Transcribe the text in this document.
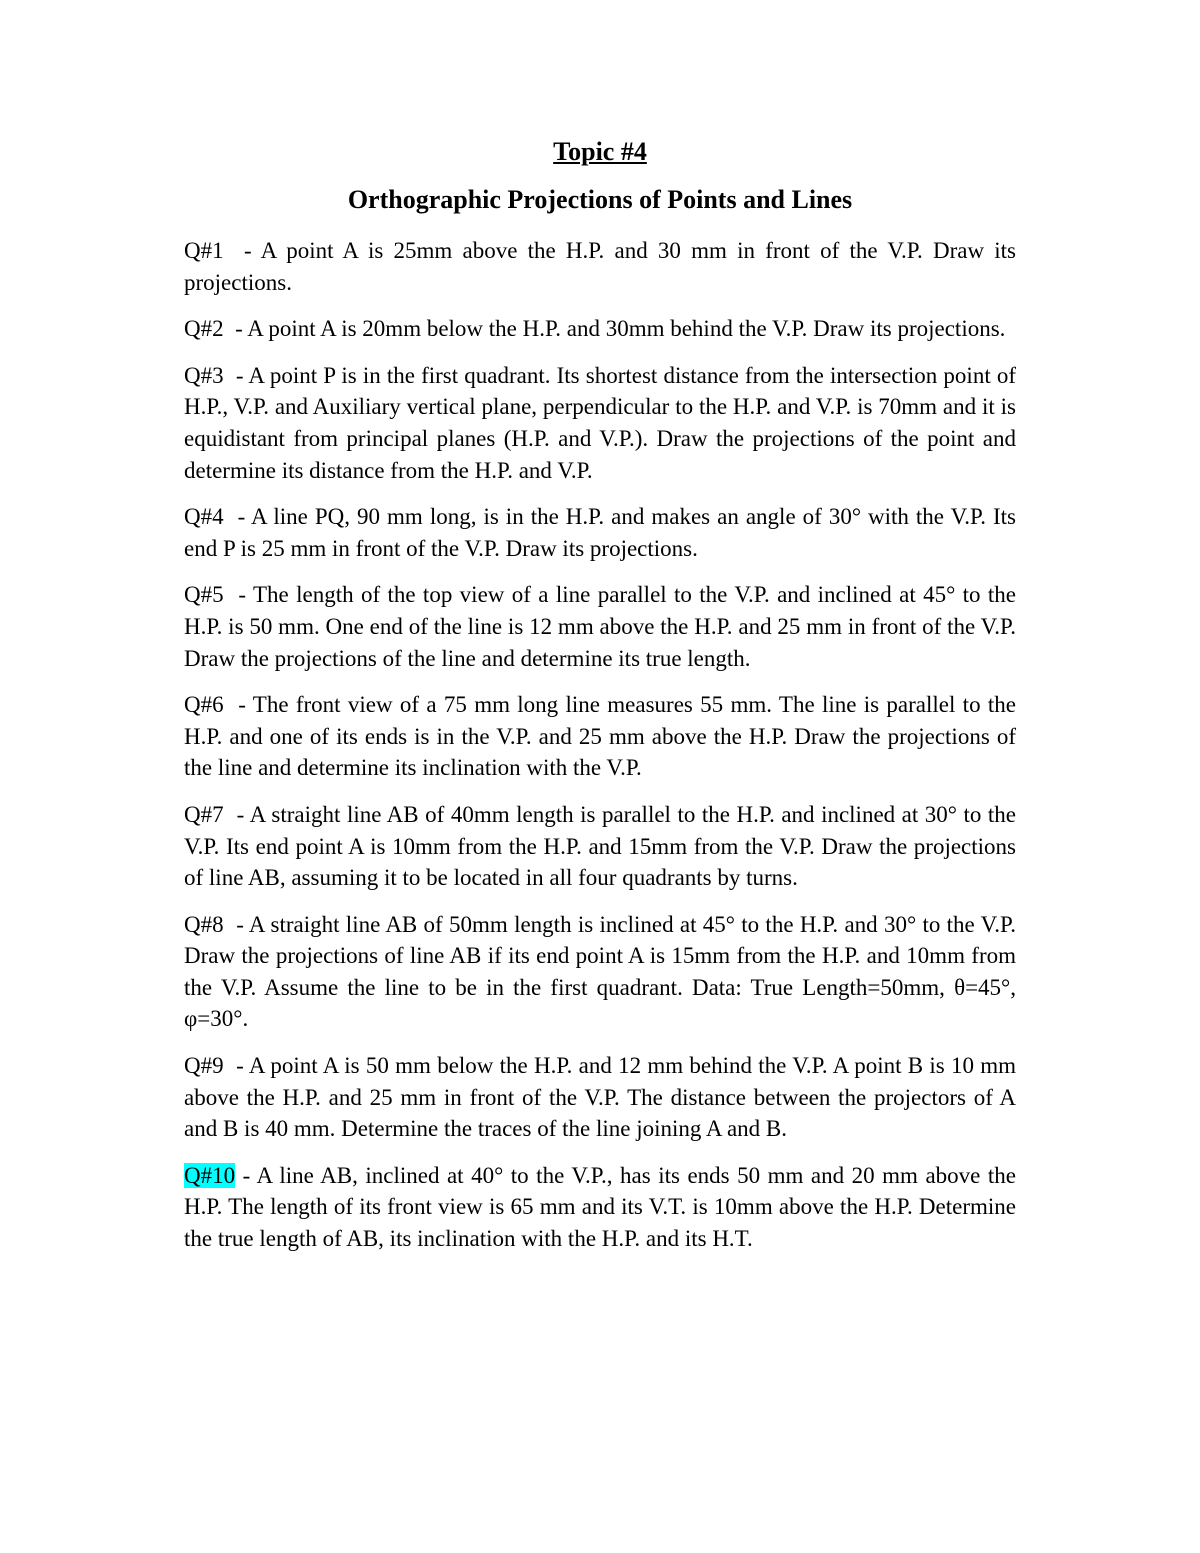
Topic #4

Orthographic Projections of Points and Lines

Q#1  - A point A is 25mm above the H.P. and 30 mm in front of the V.P. Draw its projections.

Q#2  - A point A is 20mm below the H.P. and 30mm behind the V.P. Draw its projections.

Q#3  - A point P is in the first quadrant. Its shortest distance from the intersection point of H.P., V.P. and Auxiliary vertical plane, perpendicular to the H.P. and V.P. is 70mm and it is equidistant from principal planes (H.P. and V.P.). Draw the projections of the point and determine its distance from the H.P. and V.P.

Q#4  - A line PQ, 90 mm long, is in the H.P. and makes an angle of 30° with the V.P. Its end P is 25 mm in front of the V.P. Draw its projections.

Q#5  - The length of the top view of a line parallel to the V.P. and inclined at 45° to the H.P. is 50 mm. One end of the line is 12 mm above the H.P. and 25 mm in front of the V.P. Draw the projections of the line and determine its true length.

Q#6  - The front view of a 75 mm long line measures 55 mm. The line is parallel to the H.P. and one of its ends is in the V.P. and 25 mm above the H.P. Draw the projections of the line and determine its inclination with the V.P.

Q#7  - A straight line AB of 40mm length is parallel to the H.P. and inclined at 30° to the V.P. Its end point A is 10mm from the H.P. and 15mm from the V.P. Draw the projections of line AB, assuming it to be located in all four quadrants by turns.

Q#8  - A straight line AB of 50mm length is inclined at 45° to the H.P. and 30° to the V.P. Draw the projections of line AB if its end point A is 15mm from the H.P. and 10mm from the V.P. Assume the line to be in the first quadrant. Data: True Length=50mm, θ=45°, φ=30°.

Q#9  - A point A is 50 mm below the H.P. and 12 mm behind the V.P. A point B is 10 mm above the H.P. and 25 mm in front of the V.P. The distance between the projectors of A and B is 40 mm. Determine the traces of the line joining A and B.

Q#10 - A line AB, inclined at 40° to the V.P., has its ends 50 mm and 20 mm above the H.P. The length of its front view is 65 mm and its V.T. is 10mm above the H.P. Determine the true length of AB, its inclination with the H.P. and its H.T.
